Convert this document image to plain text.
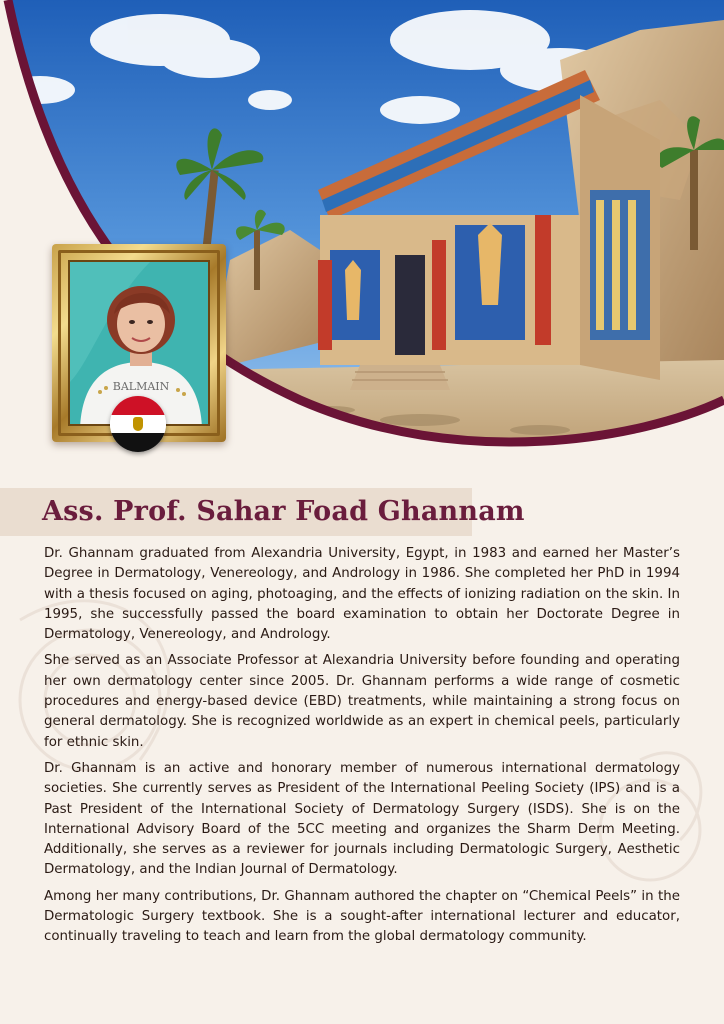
BALMAIN
Ass. Prof. Sahar Foad Ghannam

Dr. Ghannam graduated from Alexandria University, Egypt, in 1983 and earned her Master’s Degree in Dermatology, Venereology, and Andrology in 1986. She completed her PhD in 1994 with a thesis focused on aging, photoaging, and the effects of ionizing radiation on the skin. In 1995, she successfully passed the board examination to obtain her Doctorate Degree in Dermatology, Venereology, and Andrology.

She served as an Associate Professor at Alexandria University before founding and operating her own dermatology center since 2005. Dr. Ghannam performs a wide range of cosmetic procedures and energy-based device (EBD) treatments, while maintaining a strong focus on general dermatology. She is recognized worldwide as an expert in chemical peels, particularly for ethnic skin.

Dr. Ghannam is an active and honorary member of numerous international dermatology societies. She currently serves as President of the International Peeling Society (IPS) and is a Past President of the International Society of Dermatology Surgery (ISDS). She is on the International Advisory Board of the 5CC meeting and organizes the Sharm Derm Meeting. Additionally, she serves as a reviewer for journals including Dermatologic Surgery, Aesthetic Dermatology, and the Indian Journal of Dermatology.

Among her many contributions, Dr. Ghannam authored the chapter on “Chemical Peels” in the Dermatologic Surgery textbook. She is a sought-after international lecturer and educator, continually traveling to teach and learn from the global dermatology community.
